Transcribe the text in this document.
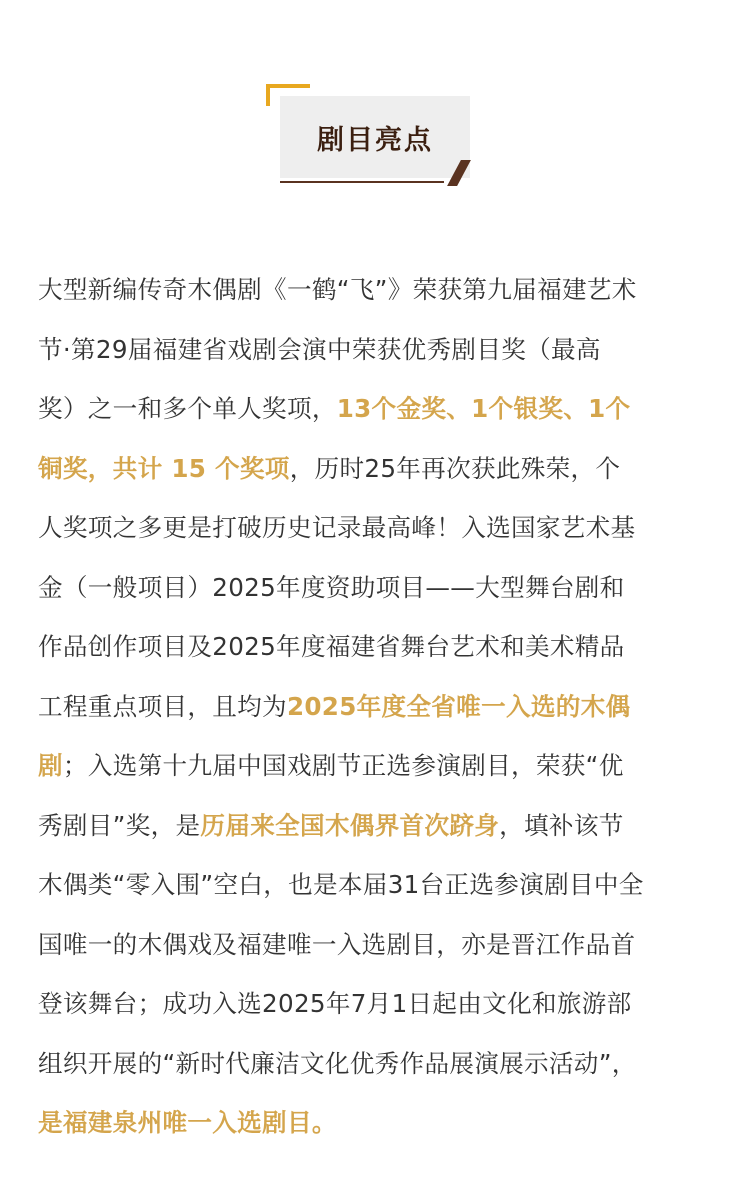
剧目亮点
大型新编传奇木偶剧《一鹤“飞”》荣获第九届福建艺术
节·第29届福建省戏剧会演中荣获优秀剧目奖（最高
奖）之一和多个单人奖项，13个金奖、1个银奖、1个
铜奖，共计 15 个奖项，历时25年再次获此殊荣，个
人奖项之多更是打破历史记录最高峰！入选国家艺术基
金（一般项目）2025年度资助项目——大型舞台剧和
作品创作项目及2025年度福建省舞台艺术和美术精品
工程重点项目，且均为2025年度全省唯一入选的木偶
剧；入选第十九届中国戏剧节正选参演剧目，荣获“优
秀剧目”奖，是历届来全国木偶界首次跻身，填补该节
木偶类“零入围”空白，也是本届31台正选参演剧目中全
国唯一的木偶戏及福建唯一入选剧目，亦是晋江作品首
登该舞台；成功入选2025年7月1日起由文化和旅游部
组织开展的“新时代廉洁文化优秀作品展演展示活动”，
是福建泉州唯一入选剧目。
